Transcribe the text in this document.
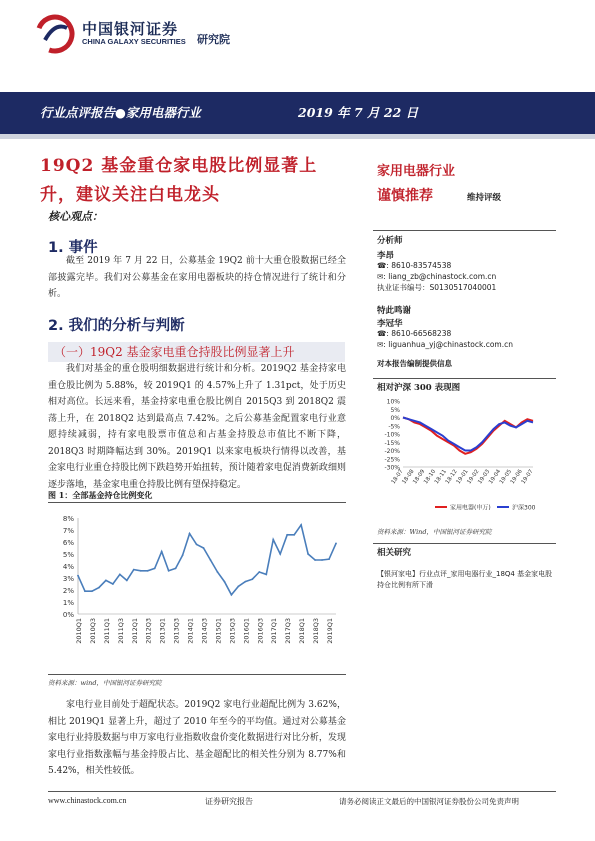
中国银河证券
CHINA GALAXY SECURITIES 研究院
行业点评报告●家用电器行业	2019 年 7 月 22 日
19Q2 基金重仓家电股比例显著上升，建议关注白电龙头
核心观点：
1. 事件
截至 2019 年 7 月 22 日，公募基金 19Q2 前十大重仓股数据已经全部披露完毕。我们对公募基金在家用电器板块的持仓情况进行了统计和分析。
2. 我们的分析与判断
（一）19Q2 基金家电重仓持股比例显著上升
我们对基金的重仓股明细数据进行统计和分析。2019Q2 基金持家电重仓股比例为 5.88%，较 2019Q1 的 4.57%上升了 1.31pct，处于历史相对高位。长远来看，基金持家电重仓股比例自 2015Q3 到 2018Q2 震荡上升，在 2018Q2 达到最高点 7.42%。之后公募基金配置家电行业意愿持续减弱，持有家电股票市值总和占基金持股总市值比不断下降，2018Q3 时期降幅达到 30%。2019Q1 以来家电板块行情得以改善，基金家电行业重仓持股比例下跌趋势开始扭转，预计随着家电促消费新政细则逐步落地，基金家电重仓持股比例有望保持稳定。
图 1：全部基金持仓比例变化
0%
1%
2%
3%
4%
5%
6%
7%
8%
2010Q1 2010Q3 2011Q1 2011Q3 2012Q1 2012Q3 2013Q1 2013Q3 2014Q1 2014Q3 2015Q1 2015Q3 2016Q1 2016Q3 2017Q1 2017Q3 2018Q1 2018Q3 2019Q1
资料来源：wind，中国银河证券研究院
家电行业目前处于超配状态。2019Q2 家电行业超配比例为 3.62%，相比 2019Q1 显著上升，超过了 2010 年至今的平均值。通过对公募基金家电行业持股数据与申万家电行业指数收盘价变化数据进行对比分析，发现家电行业指数涨幅与基金持股占比、基金超配比的相关性分别为 8.77%和 5.42%，相关性较低。
家用电器行业
谨慎推荐	维持评级
分析师
李昂
☎: 8610-83574538
✉: liang_zb@chinastock.com.cn
执业证书编号：S0130517040001
特此鸣谢
李冠华
☎: 8610-66568238
✉: liguanhua_yj@chinastock.com.cn
对本报告编制提供信息
相对沪深 300 表现图
10%
5%
0%
-5%
-10%
-15%
-20%
-25%
-30%
18-07
18-08
18-09
18-10
18-11
18-12
19-01
19-02
19-03
19-04
19-05
19-06
19-07
家用电器(申万)	沪深300
资料来源：Wind，中国银河证券研究院
相关研究
【银河家电】行业点评_家用电器行业_18Q4 基金家电股持仓比例有所下滑
www.chinastock.com.cn	证券研究报告	请务必阅读正文最后的中国银河证券股份公司免责声明
